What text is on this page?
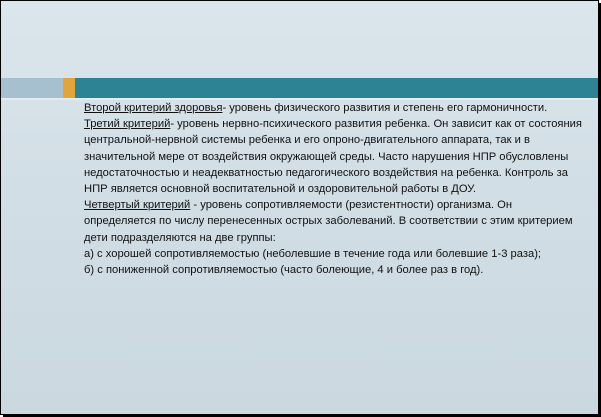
Второй критерий здоровья- уровень физического развития и степень его гармоничности.

Третий критерий- уровень нервно-психического развития ребенка. Он зависит как от состояния центральной-нервной системы ребенка и его опроно-двигательного аппарата, так и в значительной мере от воздействия окружающей среды. Часто нарушения НПР обусловлены недостаточностью и неадекватностью педагогического воздействия на ребенка. Контроль за НПР является основной воспитательной и оздоровительной работы в ДОУ.

Четвертый критерий - уровень сопротивляемости (резистентности) организма. Он определяется по числу перенесенных острых заболеваний. В соответствии с этим критерием дети подразделяются на две группы:

а) с хорошей сопротивляемостью (неболевшие в течение года или болевшие 1-3 раза);

б) с пониженной сопротивляемостью (часто болеющие, 4 и более раз в год).
